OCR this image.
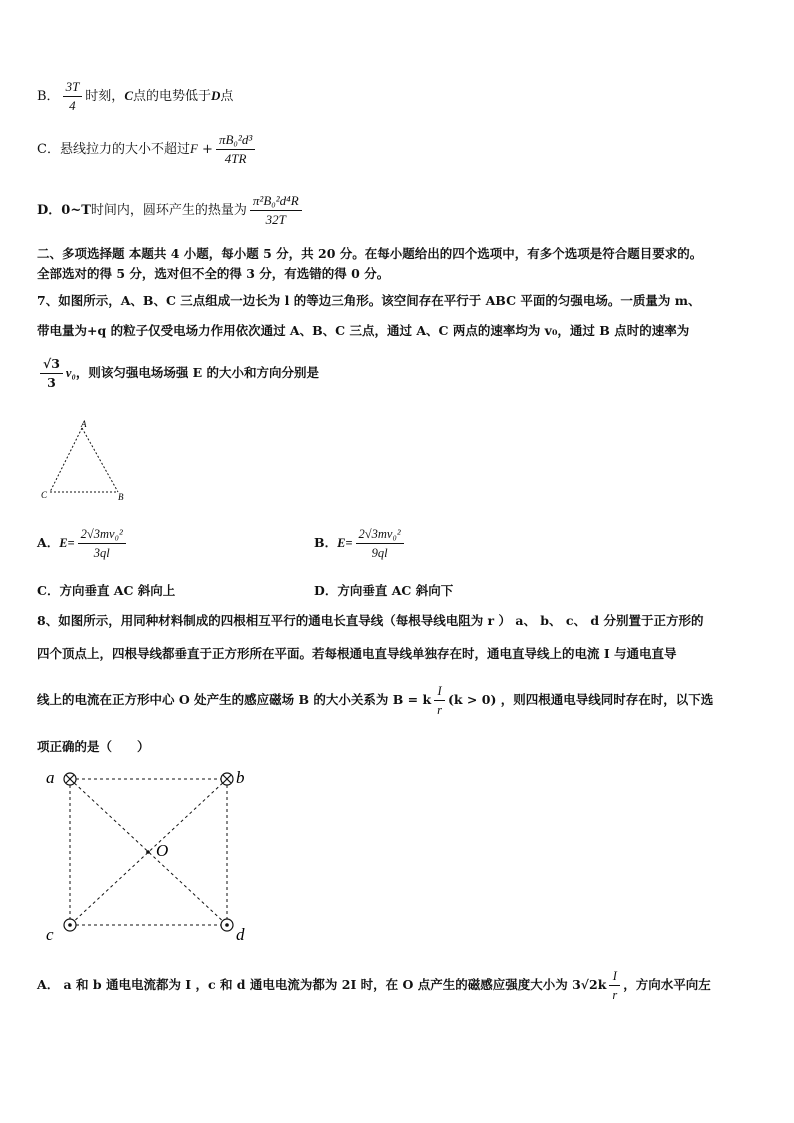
B． $\frac{3T}{4}$ 时刻，C点的电势低于D点
C．悬线拉力的大小不超过$F + \frac{\text{πB₀²d³}}{4TR}$
D．0~T时间内，圆环产生的热量为 $\frac{\text{π²B₀²d⁴R}}{32T}$
二、多项选择题 本题共 4 小题，每小题 5 分，共 20 分。在每小题给出的四个选项中，有多个选项是符合题目要求的。
全部选对的得 5 分，选对但不全的得 3 分，有选错的得 0 分。
7、如图所示，A、B、C 三点组成一边长为 l 的等边三角形。该空间存在平行于 ABC 平面的匀强电场。一质量为 m、
带电量为+q 的粒子仅受电场力作用依次通过 A、B、C 三点，通过 A、C 两点的速率均为 v₀，通过 B 点时的速率为
$\frac{√3}{3} v_0$，则该匀强电场场强 E 的大小和方向分别是
A
B
C
A．$E= \frac{\text{2√3mv₀²}}{3ql}$	B．$E= \frac{\text{2√3mv₀²}}{9ql}$
C．方向垂直 AC 斜向上	D．方向垂直 AC 斜向下
8、如图所示，用同种材料制成的四根相互平行的通电长直导线（每根导线电阻为 r ） a、 b、 c、 d 分别置于正方形的
四个顶点上，四根导线都垂直于正方形所在平面。若每根通电直导线单独存在时，通电直导线上的电流 I 与通电直导
线上的电流在正方形中心 O 处产生的感应磁场 B 的大小关系为 B = k $\frac{I}{r} (k > 0)$ ，则四根通电导线同时存在时，以下选
项正确的是（　　）
a	b
c	d
O
A． a 和 b 通电电流都为 I ，c 和 d 通电电流为都为 2I 时，在 O 点产生的磁感应强度大小为 $3√2k \frac{I}{r}$ ，方向水平向左
